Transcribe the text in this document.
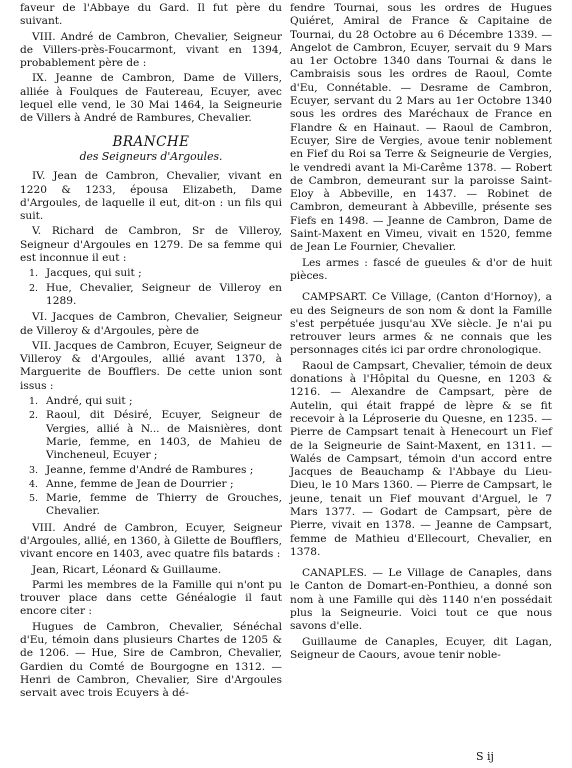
faveur de l'Abbaye du Gard. Il fut père du suivant.

VIII. André de Cambron, Chevalier, Seigneur de Villers-près-Foucarmont, vivant en 1394, probablement père de :

IX. Jeanne de Cambron, Dame de Villers, alliée à Foulques de Fautereau, Ecuyer, avec lequel elle vend, le 30 Mai 1464, la Seigneurie de Villers à André de Rambures, Chevalier.

BRANCHE
des Seigneurs d'Argoules.

IV. Jean de Cambron, Chevalier, vivant en 1220 & 1233, épousa Elizabeth, Dame d'Argoules, de laquelle il eut, dit-on : un fils qui suit.

V. Richard de Cambron, Sr de Villeroy, Seigneur d'Argoules en 1279. De sa femme qui est inconnue il eut :

1. Jacques, qui suit ;
2. Hue, Chevalier, Seigneur de Villeroy en 1289.

VI. Jacques de Cambron, Chevalier, Seigneur de Villeroy & d'Argoules, père de

VII. Jacques de Cambron, Ecuyer, Seigneur de Villeroy & d'Argoules, allié avant 1370, à Marguerite de Boufflers. De cette union sont issus :

1. André, qui suit ;
2. Raoul, dit Désiré, Ecuyer, Seigneur de Vergies, allié à N... de Maisnières, dont Marie, femme, en 1403, de Mahieu de Vincheneul, Ecuyer ;
3. Jeanne, femme d'André de Rambures ;
4. Anne, femme de Jean de Dourrier ;
5. Marie, femme de Thierry de Grouches, Chevalier.

VIII. André de Cambron, Ecuyer, Seigneur d'Argoules, allié, en 1360, à Gilette de Boufflers, vivant encore en 1403, avec quatre fils batards :

Jean, Ricart, Léonard & Guillaume.

Parmi les membres de la Famille qui n'ont pu trouver place dans cette Généalogie il faut encore citer :

Hugues de Cambron, Chevalier, Sénéchal d'Eu, témoin dans plusieurs Chartes de 1205 & de 1206. — Hue, Sire de Cambron, Chevalier, Gardien du Comté de Bourgogne en 1312. — Henri de Cambron, Chevalier, Sire d'Argoules servait avec trois Ecuyers à dé-

fendre Tournai, sous les ordres de Hugues Quiéret, Amiral de France & Capitaine de Tournai, du 28 Octobre au 6 Décembre 1339. — Angelot de Cambron, Ecuyer, servait du 9 Mars au 1er Octobre 1340 dans Tournai & dans le Cambraisis sous les ordres de Raoul, Comte d'Eu, Connétable. — Desrame de Cambron, Ecuyer, servant du 2 Mars au 1er Octobre 1340 sous les ordres des Maréchaux de France en Flandre & en Hainaut. — Raoul de Cambron, Ecuyer, Sire de Vergies, avoue tenir noblement en Fief du Roi sa Terre & Seigneurie de Vergies, le vendredi avant la Mi-Carême 1378. — Robert de Cambron, demeurant sur la paroisse Saint-Eloy à Abbeville, en 1437. — Robinet de Cambron, demeurant à Abbeville, présente ses Fiefs en 1498. — Jeanne de Cambron, Dame de Saint-Maxent en Vimeu, vivait en 1520, femme de Jean Le Fournier, Chevalier.

Les armes : fascé de gueules & d'or de huit pièces.

CAMPSART. Ce Village, (Canton d'Hornoy), a eu des Seigneurs de son nom & dont la Famille s'est perpétuée jusqu'au XVe siècle. Je n'ai pu retrouver leurs armes & ne connais que les personnages cités ici par ordre chronologique.

Raoul de Campsart, Chevalier, témoin de deux donations à l'Hôpital du Quesne, en 1203 & 1216. — Alexandre de Campsart, père de Autelin, qui était frappé de lèpre & se fit recevoir à la Léproserie du Quesne, en 1235. — Pierre de Campsart tenait à Henecourt un Fief de la Seigneurie de Saint-Maxent, en 1311. — Walés de Campsart, témoin d'un accord entre Jacques de Beauchamp & l'Abbaye du Lieu-Dieu, le 10 Mars 1360. — Pierre de Campsart, le jeune, tenait un Fief mouvant d'Arguel, le 7 Mars 1377. — Godart de Campsart, père de Pierre, vivait en 1378. — Jeanne de Campsart, femme de Mathieu d'Ellecourt, Chevalier, en 1378.

CANAPLES. — Le Village de Canaples, dans le Canton de Domart-en-Ponthieu, a donné son nom à une Famille qui dès 1140 n'en possédait plus la Seigneurie. Voici tout ce que nous savons d'elle.

Guillaume de Canaples, Ecuyer, dit Lagan, Seigneur de Caours, avoue tenir noble-

S ij
